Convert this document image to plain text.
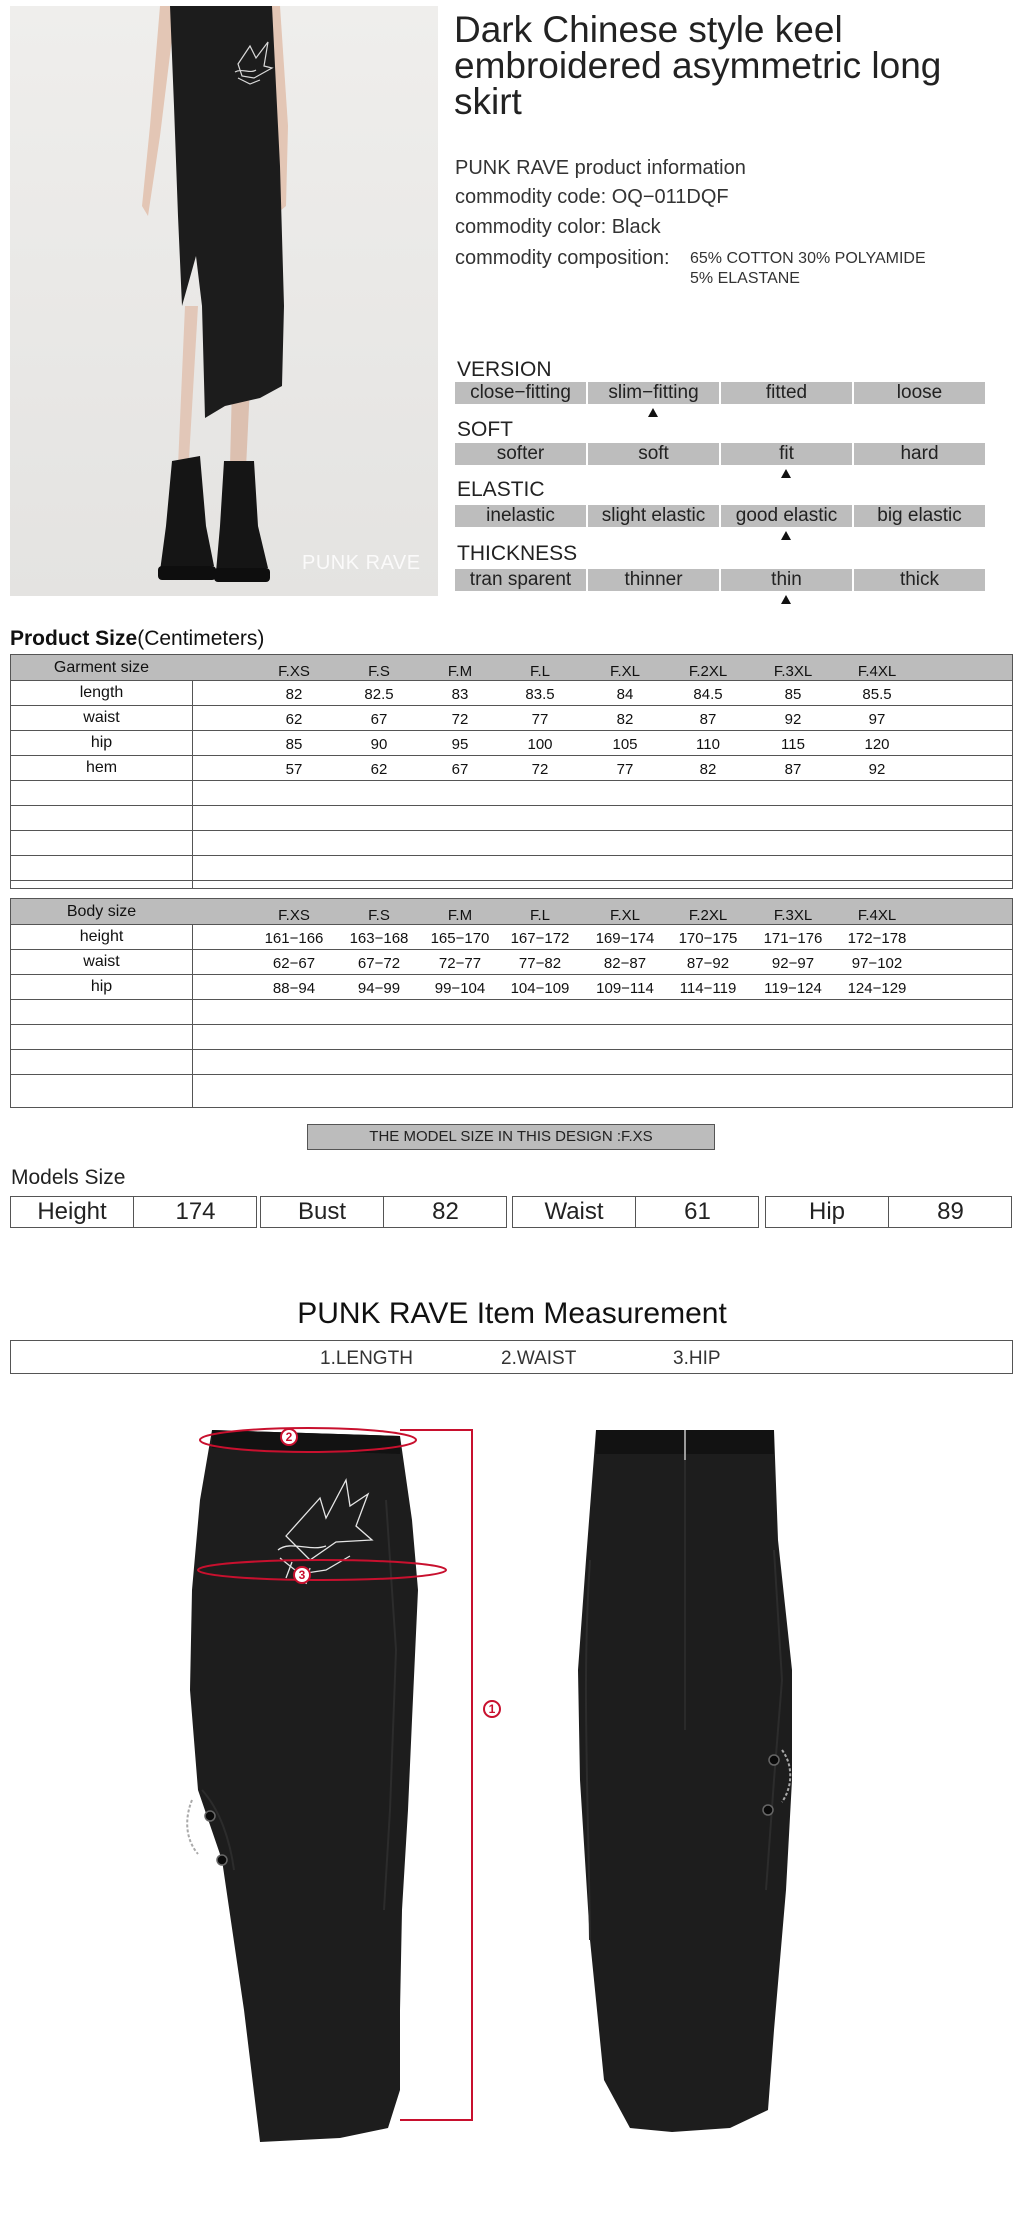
PUNK RAVE
Dark Chinese style keel embroidered asymmetric long skirt
PUNK RAVE product information
commodity code: OQ−011DQF
commodity color: Black
commodity composition: 65% COTTON 30% POLYAMIDE
5% ELASTANE
VERSION
close−fitting	slim−fitting	fitted	loose
SOFT
softer	soft	fit	hard
ELASTIC
inelastic	slight elastic	good elastic	big elastic
THICKNESS
tran sparent	thinner	thin	thick
Product Size(Centimeters)
Garment size	F.XS	F.S	F.M	F.L	F.XL	F.2XL	F.3XL	F.4XL
length	82	82.5	83	83.5	84	84.5	85	85.5
waist	62	67	72	77	82	87	92	97
hip	85	90	95	100	105	110	115	120
hem	57	62	67	72	77	82	87	92
Body size	F.XS	F.S	F.M	F.L	F.XL	F.2XL	F.3XL	F.4XL
height	161−166	163−168	165−170	167−172	169−174	170−175	171−176	172−178
waist	62−67	67−72	72−77	77−82	82−87	87−92	92−97	97−102
hip	88−94	94−99	99−104	104−109	109−114	114−119	119−124	124−129
THE MODEL SIZE IN THIS DESIGN :F.XS
Models Size
Height	174	Bust	82	Waist	61	Hip	89
PUNK RAVE Item Measurement
1.LENGTH	2.WAIST	3.HIP
2
3
1
